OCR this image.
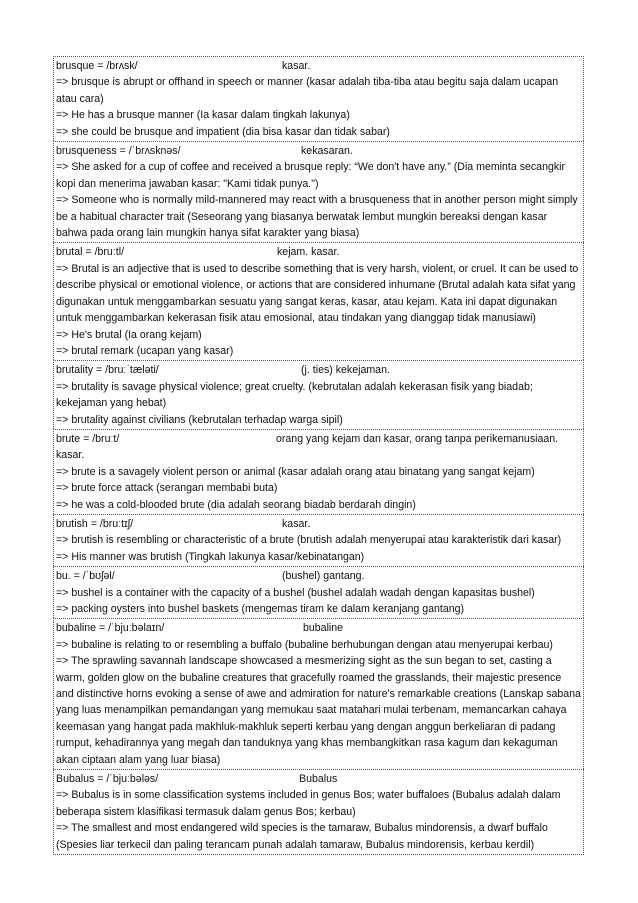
brusque = /brʌsk/	kasar.
=> brusque is abrupt or offhand in speech or manner (kasar adalah tiba-tiba atau begitu saja dalam ucapan atau cara)
=> He has a brusque manner (Ia kasar dalam tingkah lakunya)
=> she could be brusque and impatient (dia bisa kasar dan tidak sabar)
brusqueness = /ˈbrʌsknəs/	kekasaran.
=> She asked for a cup of coffee and received a brusque reply: “We don't have any.” (Dia meminta secangkir kopi dan menerima jawaban kasar: "Kami tidak punya.")
=> Someone who is normally mild-mannered may react with a brusqueness that in another person might simply be a habitual character trait (Seseorang yang biasanya berwatak lembut mungkin bereaksi dengan kasar bahwa pada orang lain mungkin hanya sifat karakter yang biasa)
brutal = /bruːtl/	kejam. kasar.
=> Brutal is an adjective that is used to describe something that is very harsh, violent, or cruel. It can be used to describe physical or emotional violence, or actions that are considered inhumane (Brutal adalah kata sifat yang digunakan untuk menggambarkan sesuatu yang sangat keras, kasar, atau kejam. Kata ini dapat digunakan untuk menggambarkan kekerasan fisik atau emosional, atau tindakan yang dianggap tidak manusiawi)
=> He's brutal (Ia orang kejam)
=> brutal remark (ucapan yang kasar)
brutality = /bruːˈtæləti/	(j. ties) kekejaman.
=> brutality is savage physical violence; great cruelty. (kebrutalan adalah kekerasan fisik yang biadab; kekejaman yang hebat)
=> brutality against civilians (kebrutalan terhadap warga sipil)
brute = /bruːt/	orang yang kejam dan kasar, orang tanpa perikemanusiaan.
kasar.
=> brute is a savagely violent person or animal (kasar adalah orang atau binatang yang sangat kejam)
=> brute force attack (serangan membabi buta)
=> he was a cold-blooded brute (dia adalah seorang biadab berdarah dingin)
brutish = /bruːtɪʃ/	kasar.
=> brutish is resembling or characteristic of a brute (brutish adalah menyerupai atau karakteristik dari kasar)
=> His manner was brutish (Tingkah lakunya kasar/kebinatangan)
bu. = /ˈbʊʃəl/	(bushel) gantang.
=> bushel is a container with the capacity of a bushel (bushel adalah wadah dengan kapasitas bushel)
=> packing oysters into bushel baskets (mengemas tiram ke dalam keranjang gantang)
bubaline = /ˈbjuːbəlaɪn/	bubaline
=> bubaline is relating to or resembling a buffalo (bubaline berhubungan dengan atau menyerupai kerbau)
=> The sprawling savannah landscape showcased a mesmerizing sight as the sun began to set, casting a warm, golden glow on the bubaline creatures that gracefully roamed the grasslands, their majestic presence and distinctive horns evoking a sense of awe and admiration for nature's remarkable creations (Lanskap sabana yang luas menampilkan pemandangan yang memukau saat matahari mulai terbenam, memancarkan cahaya keemasan yang hangat pada makhluk-makhluk seperti kerbau yang dengan anggun berkeliaran di padang rumput, kehadirannya yang megah dan tanduknya yang khas membangkitkan rasa kagum dan kekaguman akan ciptaan alam yang luar biasa)
Bubalus = /ˈbjuːbələs/	Bubalus
=> Bubalus is in some classification systems included in genus Bos; water buffaloes (Bubalus adalah dalam beberapa sistem klasifikasi termasuk dalam genus Bos; kerbau)
=> The smallest and most endangered wild species is the tamaraw, Bubalus mindorensis, a dwarf buffalo (Spesies liar terkecil dan paling terancam punah adalah tamaraw, Bubalus mindorensis, kerbau kerdil)
